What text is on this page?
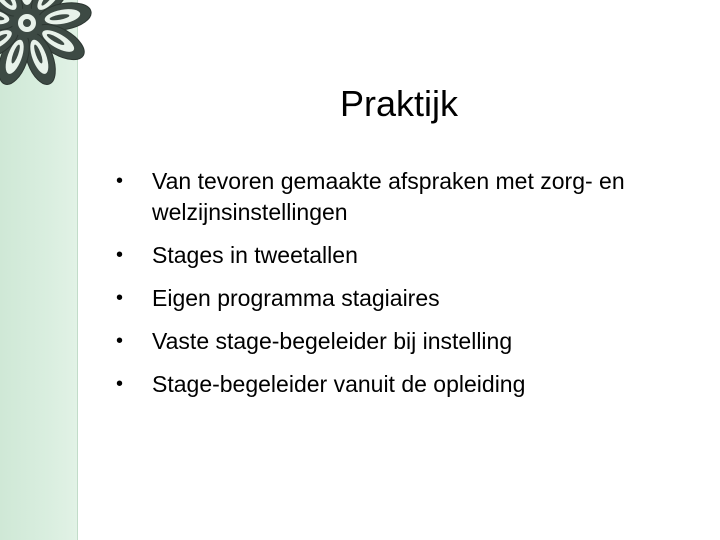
Praktijk
• Van tevoren gemaakte afspraken met zorg- en welzijnsinstellingen
• Stages in tweetallen
• Eigen programma stagiaires
• Vaste stage-begeleider bij instelling
• Stage-begeleider vanuit de opleiding
